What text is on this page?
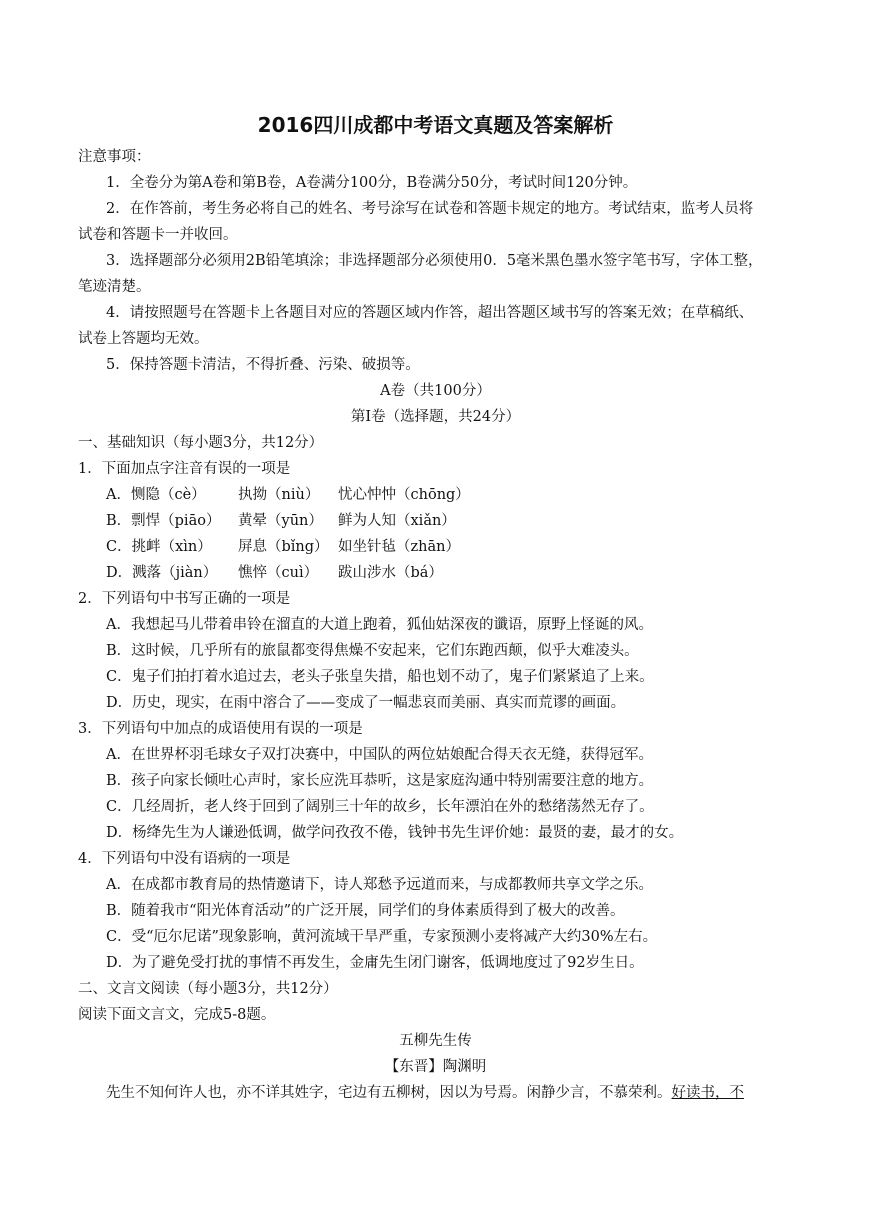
2016四川成都中考语文真题及答案解析
注意事项：
1．全卷分为第A卷和第B卷，A卷满分100分，B卷满分50分，考试时间120分钟。
2．在作答前，考生务必将自己的姓名、考号涂写在试卷和答题卡规定的地方。考试结束，监考人员将
试卷和答题卡一并收回。
3．选择题部分必须用2B铅笔填涂；非选择题部分必须使用0．5毫米黑色墨水签字笔书写，字体工整，
笔迹清楚。
4．请按照题号在答题卡上各题目对应的答题区域内作答，超出答题区域书写的答案无效；在草稿纸、
试卷上答题均无效。
5．保持答题卡清洁，不得折叠、污染、破损等。
A卷（共100分）
第Ⅰ卷（选择题，共24分）
一、基础知识（每小题3分，共12分）
1．下面加点字注音有误的一项是
A．恻隐（cè） 执拗（niù） 忧心忡忡（chōng）
B．剽悍（piāo） 黄晕（yūn） 鲜为人知（xiǎn）
C．挑衅（xìn） 屏息（bǐng） 如坐针毡（zhān）
D．溅落（jiàn） 憔悴（cuì） 跋山涉水（bá）
2．下列语句中书写正确的一项是
A．我想起马儿带着串铃在溜直的大道上跑着，狐仙姑深夜的谶语，原野上怪诞的风。
B．这时候，几乎所有的旅鼠都变得焦燥不安起来，它们东跑西颠，似乎大难凌头。
C．鬼子们拍打着水追过去，老头子张皇失措，船也划不动了，鬼子们紧紧追了上来。
D．历史，现实，在雨中溶合了——变成了一幅悲哀而美丽、真实而荒谬的画面。
3．下列语句中加点的成语使用有误的一项是
A．在世界杯羽毛球女子双打决赛中，中国队的两位姑娘配合得天衣无缝，获得冠军。
B．孩子向家长倾吐心声时，家长应洗耳恭听，这是家庭沟通中特别需要注意的地方。
C．几经周折，老人终于回到了阔别三十年的故乡，长年漂泊在外的愁绪荡然无存了。
D．杨绛先生为人谦逊低调，做学问孜孜不倦，钱钟书先生评价她：最贤的妻，最才的女。
4．下列语句中没有语病的一项是
A．在成都市教育局的热情邀请下，诗人郑愁予远道而来，与成都教师共享文学之乐。
B．随着我市“阳光体育活动”的广泛开展，同学们的身体素质得到了极大的改善。
C．受“厄尔尼诺”现象影响，黄河流域干旱严重，专家预测小麦将减产大约30%左右。
D．为了避免受打扰的事情不再发生，金庸先生闭门谢客，低调地度过了92岁生日。
二、文言文阅读（每小题3分，共12分）
阅读下面文言文，完成5-8题。
五柳先生传
【东晋】陶渊明
先生不知何许人也，亦不详其姓字，宅边有五柳树，因以为号焉。闲静少言，不慕荣利。好读书，不
